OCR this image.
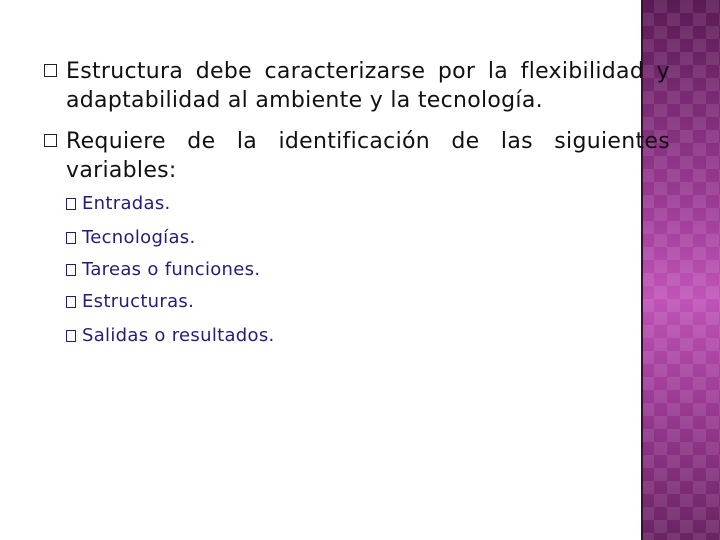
Estructura debe caracterizarse por la flexibilidad y adaptabilidad al ambiente y la tecnología.
Requiere de la identificación de las siguientes variables:
Entradas.
Tecnologías.
Tareas o funciones.
Estructuras.
Salidas o resultados.
